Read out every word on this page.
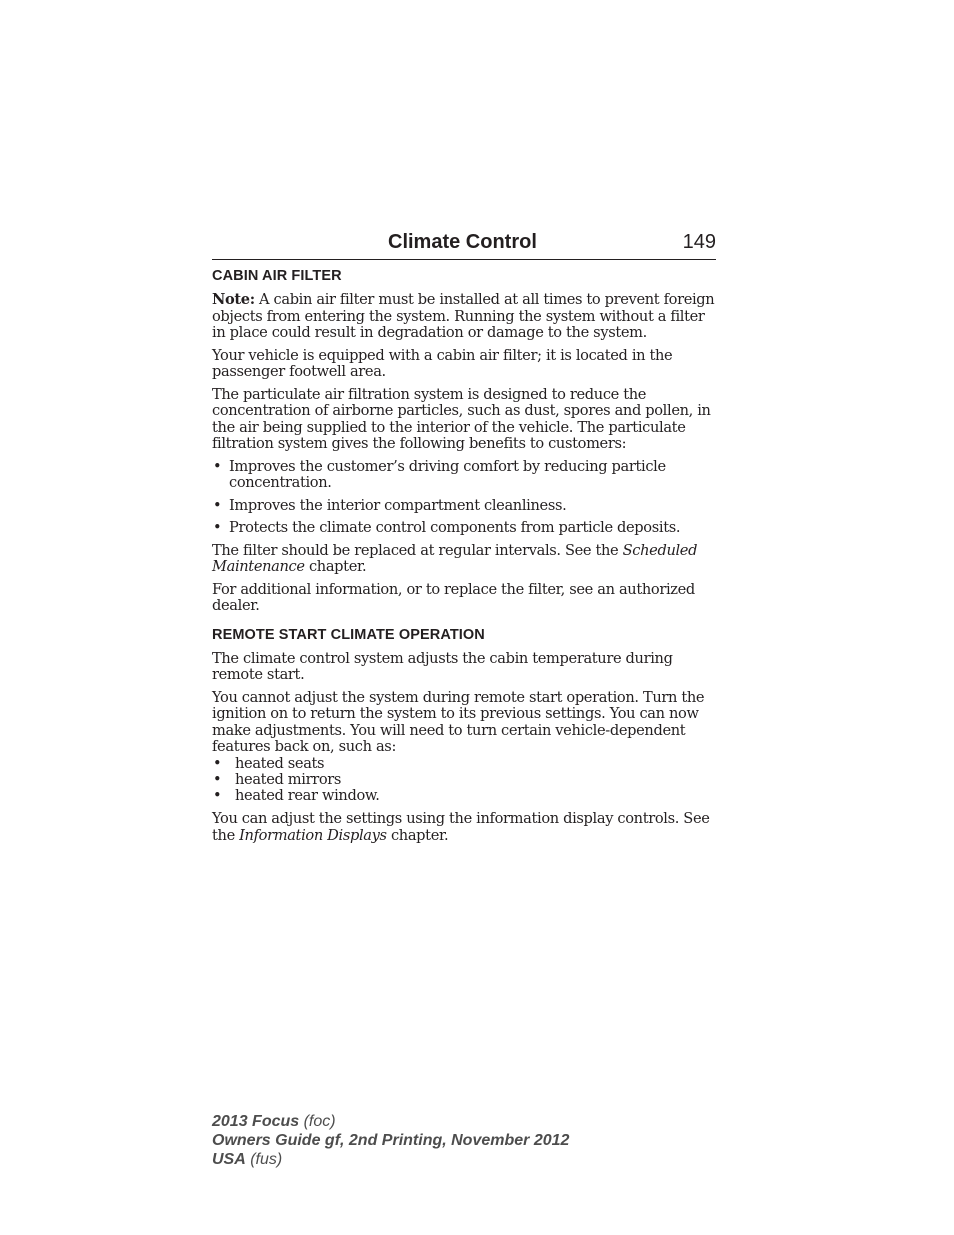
Climate Control	149
CABIN AIR FILTER

Note: A cabin air filter must be installed at all times to prevent foreign objects from entering the system. Running the system without a filter in place could result in degradation or damage to the system.

Your vehicle is equipped with a cabin air filter; it is located in the passenger footwell area.

The particulate air filtration system is designed to reduce the concentration of airborne particles, such as dust, spores and pollen, in the air being supplied to the interior of the vehicle. The particulate filtration system gives the following benefits to customers:

• Improves the customer’s driving comfort by reducing particle concentration.
• Improves the interior compartment cleanliness.
• Protects the climate control components from particle deposits.

The filter should be replaced at regular intervals. See the Scheduled Maintenance chapter.

For additional information, or to replace the filter, see an authorized dealer.

REMOTE START CLIMATE OPERATION

The climate control system adjusts the cabin temperature during remote start.

You cannot adjust the system during remote start operation. Turn the ignition on to return the system to its previous settings. You can now make adjustments. You will need to turn certain vehicle-dependent features back on, such as:

• heated seats
• heated mirrors
• heated rear window.

You can adjust the settings using the information display controls. See the Information Displays chapter.

2013 Focus (foc)
Owners Guide gf, 2nd Printing, November 2012
USA (fus)
